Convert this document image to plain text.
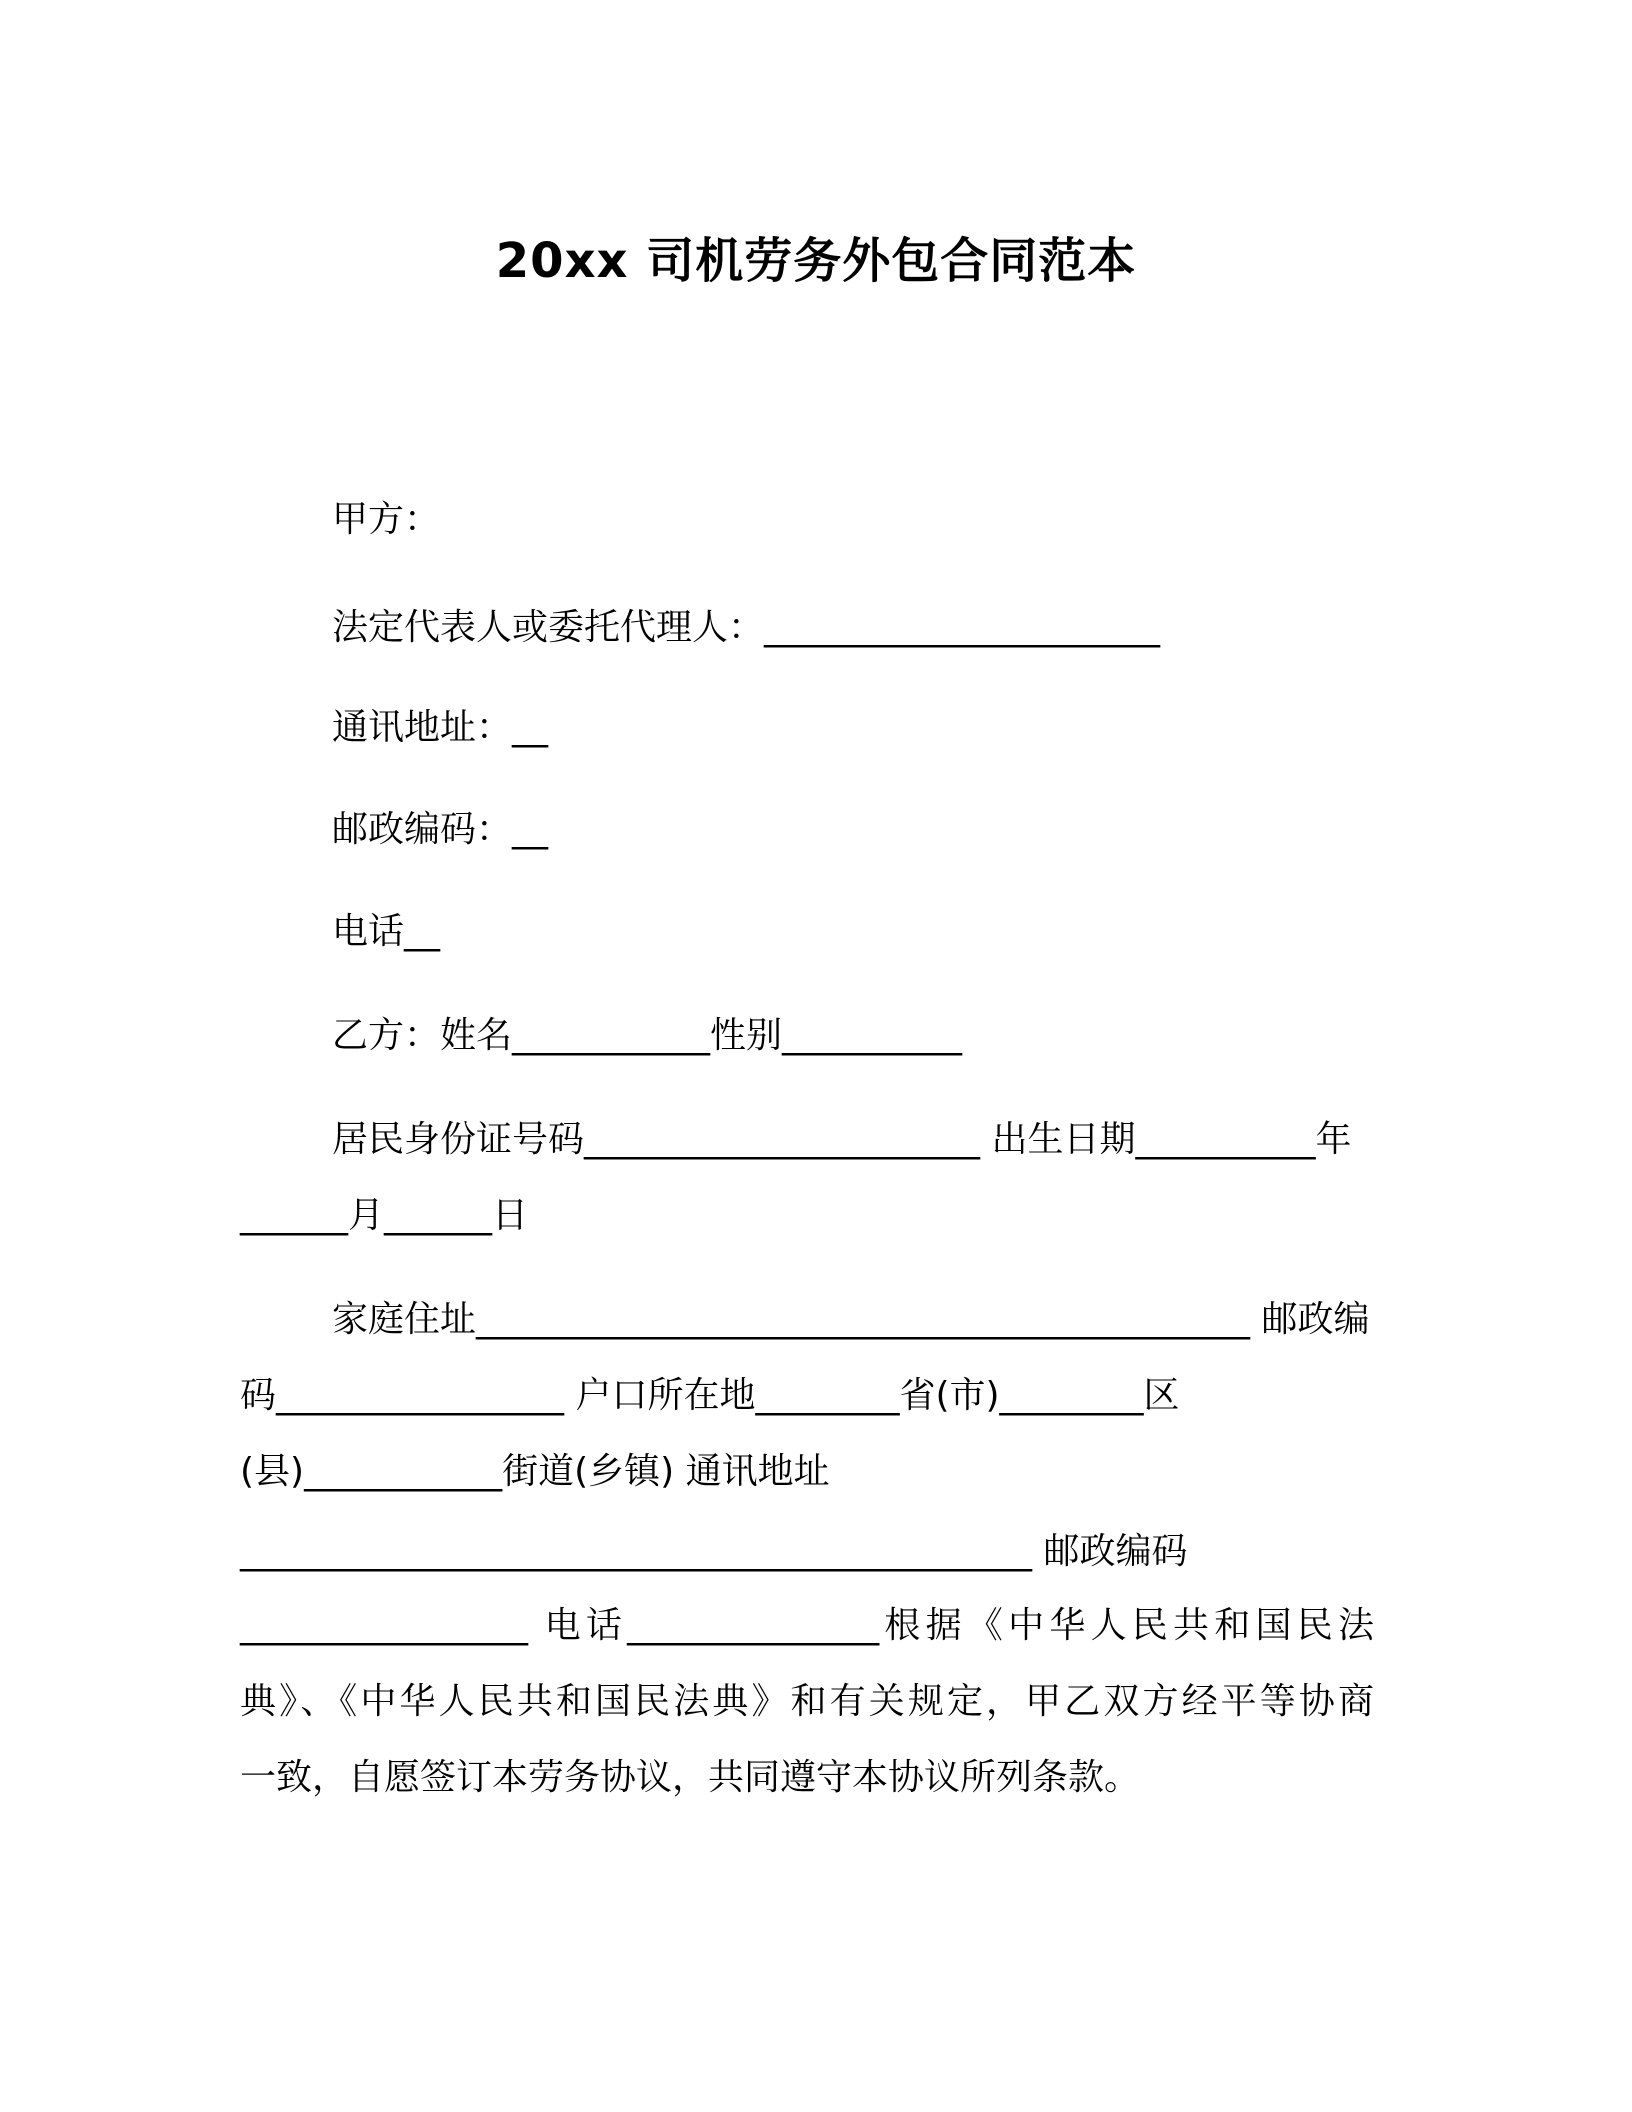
20xx 司机劳务外包合同范本
甲方：
法定代表人或委托代理人：______________________
通讯地址：__
邮政编码：__
电话__
乙方：姓名___________性别__________
居民身份证号码______________________ 出生日期__________年
______月______日
家庭住址___________________________________________ 邮政编
码________________ 户口所在地________省(市)________区
(县)___________街道(乡镇) 通讯地址
____________________________________________ 邮政编码
________________ 电话______________根据《中华人民共和国民法
典》、《中华人民共和国民法典》和有关规定，甲乙双方经平等协商
一致，自愿签订本劳务协议，共同遵守本协议所列条款。
